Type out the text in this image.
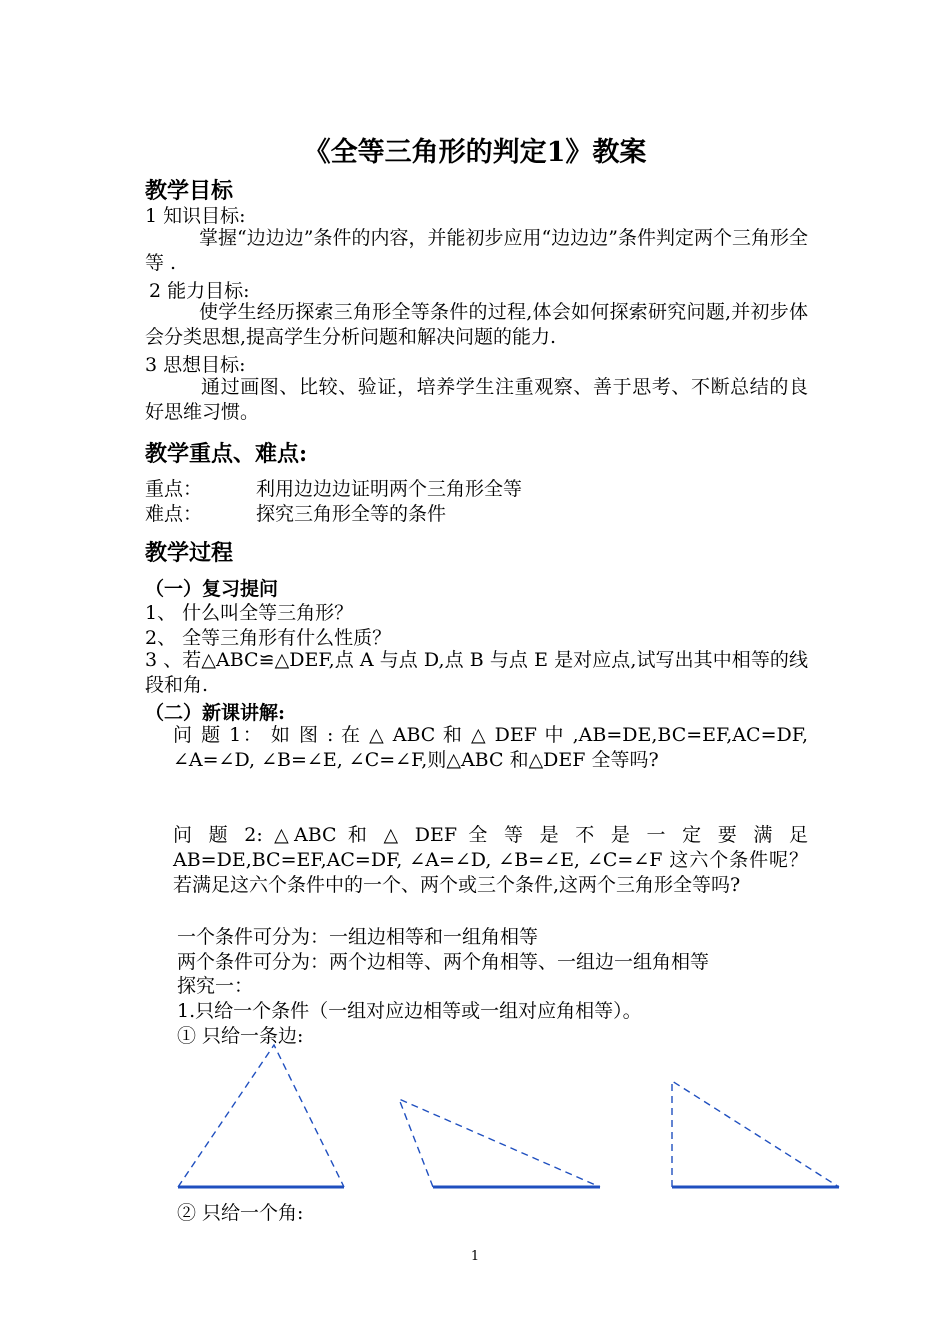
《全等三角形的判定1》教案
教学目标
1 知识目标:
掌握“边边边”条件的内容，并能初步应用“边边边”条件判定两个三角形全等 .
2 能力目标:
使学生经历探索三角形全等条件的过程,体会如何探索研究问题,并初步体会分类思想,提高学生分析问题和解决问题的能力.
3 思想目标:
通过画图、比较、验证，培养学生注重观察、善于思考、不断总结的良好思维习惯。
教学重点、难点:
重点：	利用边边边证明两个三角形全等
难点：	探究三角形全等的条件
教学过程
（一）复习提问
1、 什么叫全等三角形？
2、 全等三角形有什么性质？
3 、若△ABC≌△DEF,点 A 与点 D,点 B 与点 E 是对应点,试写出其中相等的线段和角.
（二）新课讲解:
问 题 1： 如 图 : 在 △ ABC 和 △ DEF 中 ,AB=DE,BC=EF,AC=DF, ∠A=∠D, ∠B=∠E, ∠C=∠F,则△ABC 和△DEF 全等吗?
问 题 2: △ABC 和 △ DEF 全 等 是 不 是 一 定 要 满 足 AB=DE,BC=EF,AC=DF, ∠A=∠D, ∠B=∠E, ∠C=∠F 这六个条件呢？若满足这六个条件中的一个、两个或三个条件,这两个三角形全等吗?
一个条件可分为：一组边相等和一组角相等
两个条件可分为：两个边相等、两个角相等、一组边一组角相等
探究一：
1.只给一个条件（一组对应边相等或一组对应角相等）。
① 只给一条边:
② 只给一个角:
1
